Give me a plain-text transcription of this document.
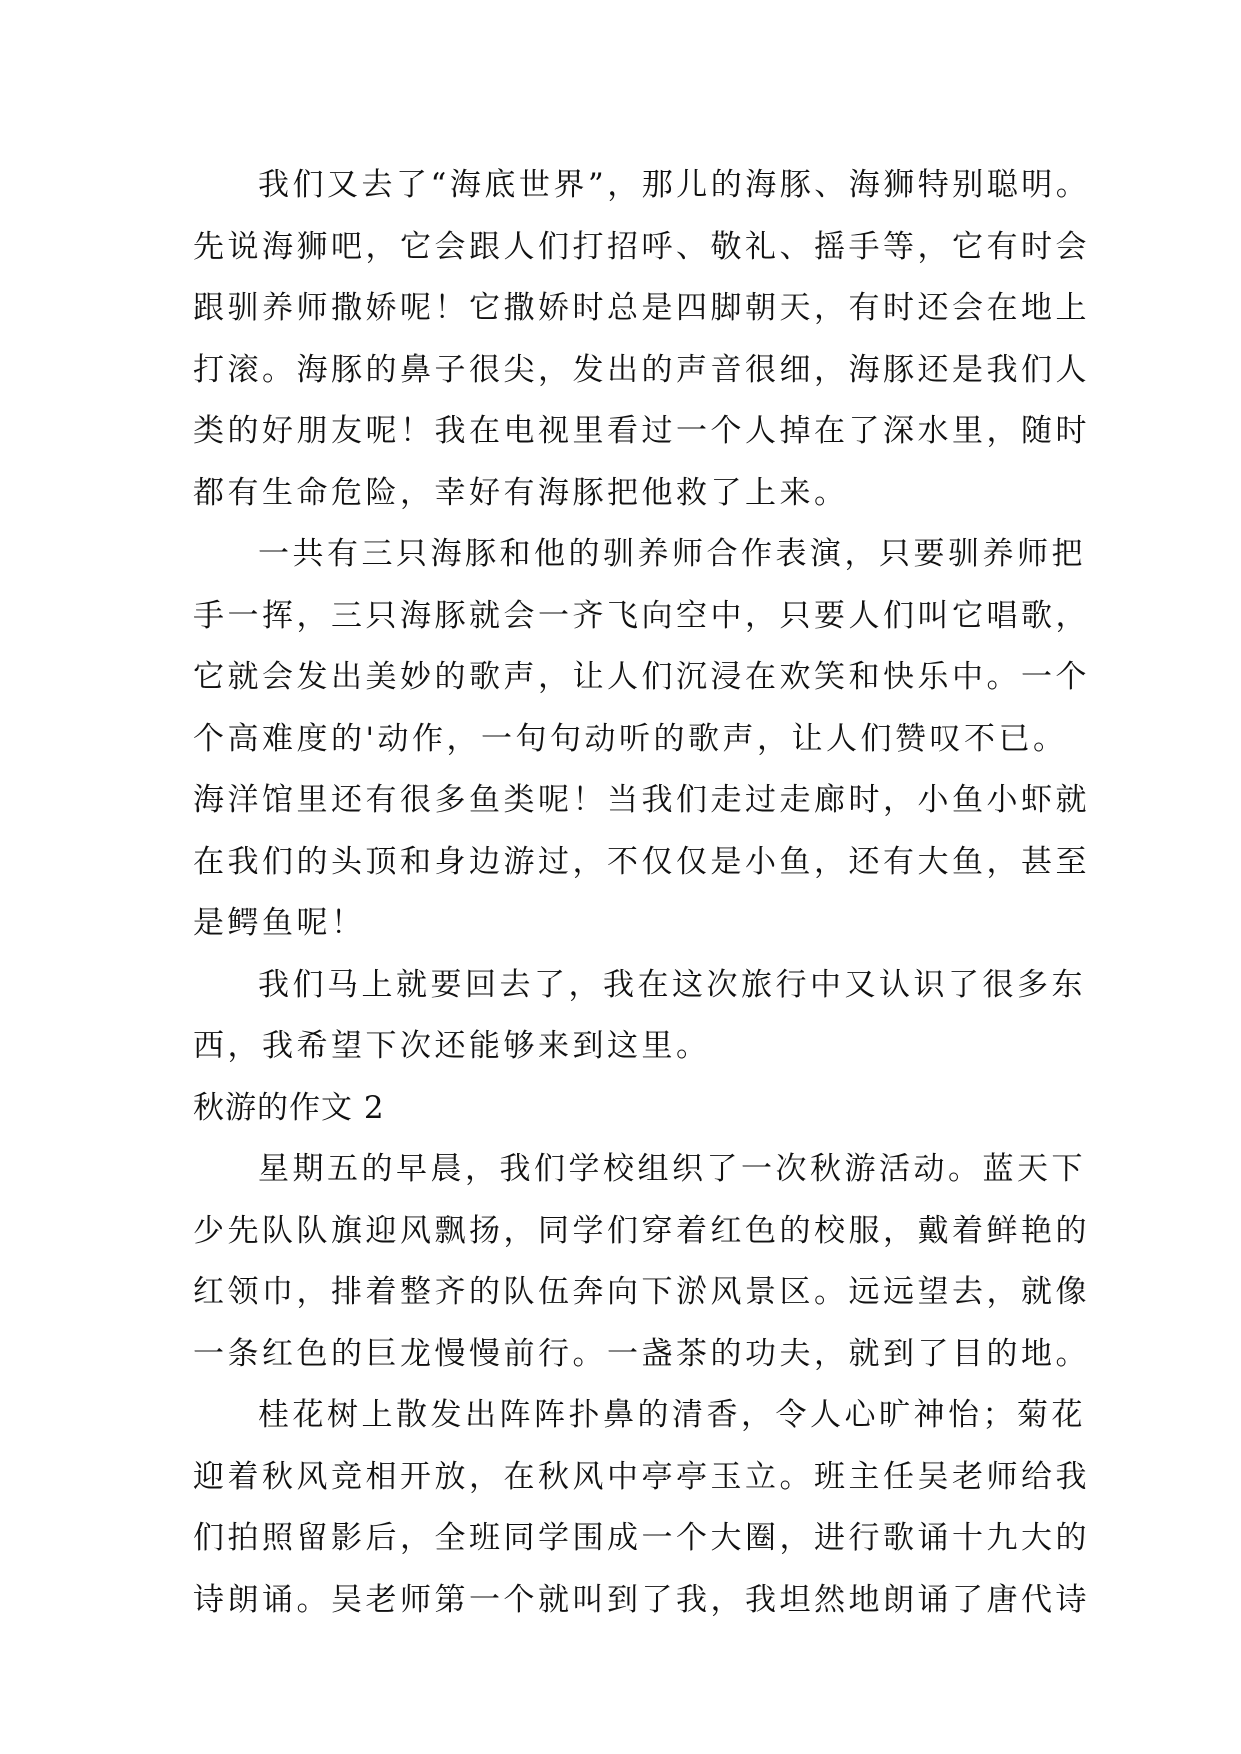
我们又去了“海底世界”，那儿的海豚、海狮特别聪明。

先说海狮吧，它会跟人们打招呼、敬礼、摇手等，它有时会

跟驯养师撒娇呢！它撒娇时总是四脚朝天，有时还会在地上

打滚。海豚的鼻子很尖，发出的声音很细，海豚还是我们人

类的好朋友呢！我在电视里看过一个人掉在了深水里，随时

都有生命危险，幸好有海豚把他救了上来。

一共有三只海豚和他的驯养师合作表演，只要驯养师把

手一挥，三只海豚就会一齐飞向空中，只要人们叫它唱歌，

它就会发出美妙的歌声，让人们沉浸在欢笑和快乐中。一个

个高难度的'动作，一句句动听的歌声，让人们赞叹不已。

海洋馆里还有很多鱼类呢！当我们走过走廊时，小鱼小虾就

在我们的头顶和身边游过，不仅仅是小鱼，还有大鱼，甚至

是鳄鱼呢！

我们马上就要回去了，我在这次旅行中又认识了很多东

西，我希望下次还能够来到这里。

秋游的作文 2

星期五的早晨，我们学校组织了一次秋游活动。蓝天下

少先队队旗迎风飘扬，同学们穿着红色的校服，戴着鲜艳的

红领巾，排着整齐的队伍奔向下淤风景区。远远望去，就像

一条红色的巨龙慢慢前行。一盏茶的功夫，就到了目的地。

桂花树上散发出阵阵扑鼻的清香，令人心旷神怡；菊花

迎着秋风竞相开放，在秋风中亭亭玉立。班主任吴老师给我

们拍照留影后，全班同学围成一个大圈，进行歌诵十九大的

诗朗诵。吴老师第一个就叫到了我，我坦然地朗诵了唐代诗
